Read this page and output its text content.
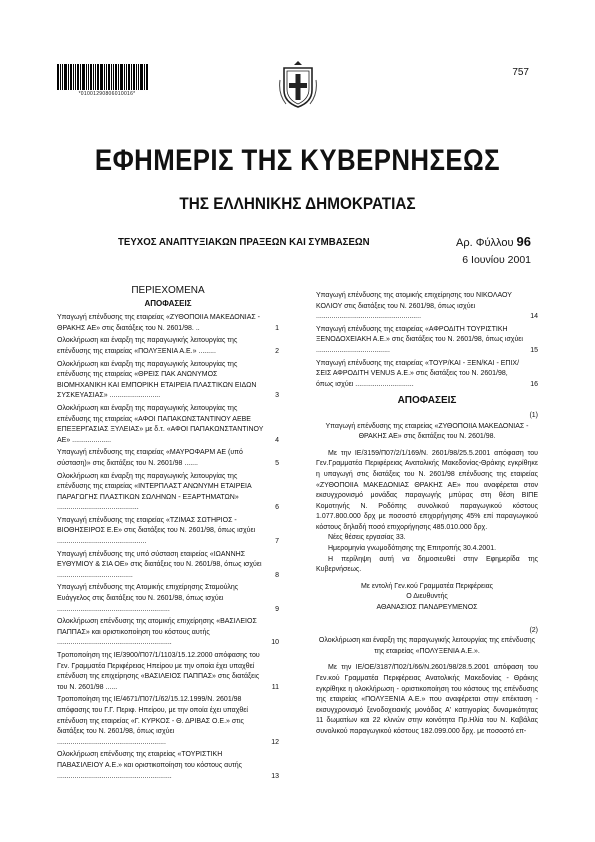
*01001290806010016*
757
ΕΦΗΜΕΡΙΣ ΤΗΣ ΚΥΒΕΡΝΗΣΕΩΣ
ΤΗΣ ΕΛΛΗΝΙΚΗΣ ΔΗΜΟΚΡΑΤΙΑΣ
ΤΕΥΧΟΣ ΑΝΑΠΤΥΞΙΑΚΩΝ ΠΡΑΞΕΩΝ ΚΑΙ ΣΥΜΒΑΣΕΩΝ	Αρ. Φύλλου 96
6 Ιουνίου 2001
ΠΕΡΙΕΧΟΜΕΝΑ
ΑΠΟΦΑΣΕΙΣ
Υπαγωγή επένδυσης της εταιρείας «ΖΥΘΟΠΟΙΙΑ ΜΑΚΕΔΟΝΙΑΣ - ΘΡΑΚΗΣ ΑΕ» στις διατάξεις του Ν. 2601/98. ..	1
Ολοκλήρωση και έναρξη της παραγωγικής λειτουργίας της επένδυσης της εταιρείας «ΠΟΛΥΞΕΝΙΑ Α.Ε.» .........	2
Ολοκλήρωση και έναρξη της παραγωγικής λειτουργίας της επένδυσης της εταιρείας «ΘΡΕΙΣ ΠΑΚ ΑΝΩΝΥΜΟΣ ΒΙΟΜΗΧΑΝΙΚΗ ΚΑΙ ΕΜΠΟΡΙΚΗ ΕΤΑΙΡΕΙΑ ΠΛΑΣΤΙΚΩΝ ΕΙΔΩΝ ΣΥΣΚΕΥΑΣΙΑΣ» ..........................	3
Ολοκλήρωση και έναρξη της παραγωγικής λειτουργίας της επένδυσης της εταιρείας «ΑΦΟΙ ΠΑΠΑΚΩΝΣΤΑΝΤΙΝΟΥ ΑΕΒΕ ΕΠΕΞΕΡΓΑΣΙΑΣ ΞΥΛΕΙΑΣ» με δ.τ. «ΑΦΟΙ ΠΑΠΑΚΩΝΣΤΑΝΤΙΝΟΥ ΑΕ» ....................	4
Υπαγωγή επένδυσης της εταιρείας «ΜΑΥΡΟΦΑΡΜ ΑΕ (υπό σύσταση)» στις διατάξεις του Ν. 2601/98 .......	5
Ολοκλήρωση και έναρξη της παραγωγικής λειτουργίας της επένδυσης της εταιρείας «ΙΝΤΕΡΠΛΑΣΤ ΑΝΩΝΥΜΗ ΕΤΑΙΡΕΙΑ ΠΑΡΑΓΩΓΗΣ ΠΛΑΣΤΙΚΩΝ ΣΩΛΗΝΩΝ - ΕΞΑΡΤΗΜΑΤΩΝ» ..........................................	6
Υπαγωγή επένδυσης της εταιρείας «ΤΖΙΜΑΣ ΣΩΤΗΡΙΟΣ - ΒΙΟΘΗΣΕΙΡΟΣ Ε.Ε» στις διατάξεις του Ν. 2601/98, όπως ισχύει ..............................................	7
Υπαγωγή επένδυσης της υπό σύσταση εταιρείας «ΙΩΑΝΝΗΣ ΕΥΘΥΜΙΟΥ & ΣΙΑ ΟΕ» στις διατάξεις του Ν. 2601/98, όπως ισχύει .......................................	8
Υπαγωγή επένδυσης της Ατομικής επιχείρησης Σταμούλης Ευάγγελος στις διατάξεις του Ν. 2601/98, όπως ισχύει ..........................................................	9
Ολοκλήρωση επένδυσης της ατομικής επιχείρησης «ΒΑΣΙΛΕΙΟΣ ΠΑΠΠΑΣ» και οριστικοποίηση του κόστους αυτής ...........................................................	10
Τροποποίηση της ΙΕ/3900/Π07/1/1103/15.12.2000 απόφασης του Γεν. Γραμματέα Περιφέρειας Ηπείρου με την οποία έχει υπαχθεί επένδυση της επιχείρησης «ΒΑΣΙΛΕΙΟΣ ΠΑΠΠΑΣ» στις διατάξεις του Ν. 2601/98 ......	11
Τροποποίηση της ΙΕ/4671/Π07/1/62/15.12.1999/Ν. 2601/98 απόφασης του Γ.Γ. Περιφ. Ηπείρου, με την οποία έχει υπαχθεί επένδυση της εταιρείας «Γ. ΚΥΡΚΟΣ - Θ. ΔΡΙΒΑΣ Ο.Ε.» στις διατάξεις του Ν. 2601/98, όπως ισχύει ........................................................	12
Ολοκλήρωση επένδυσης της εταιρείας «ΤΟΥΡΙΣΤΙΚΗ ΠΑΒΑΣΙΛΕΙΟΥ Α.Ε.» και οριστικοποίηση του κόστους αυτής ...........................................................	13
Υπαγωγή επένδυσης της ατομικής επιχείρησης του ΝΙΚΟΛΑΟΥ ΚΟΛΙΟΥ στις διατάξεις του Ν. 2601/98, όπως ισχύει ......................................................	14
Υπαγωγή επένδυσης της εταιρείας «ΑΦΡΟΔΙΤΗ ΤΟΥΡΙΣΤΙΚΗ ΞΕΝΟΔΟΧΕΙΑΚΗ Α.Ε.» στις διατάξεις του Ν. 2601/98, όπως ισχύει ......................................	15
Υπαγωγή επένδυσης της εταιρείας «ΤΟΥΡ/ΚΑΙ - ΞΕΝ/ΚΑΙ - ΕΠΙΧ/ΣΕΙΣ ΑΦΡΟΔΙΤΗ VENUS Α.Ε.» στις διατάξεις του Ν. 2601/98, όπως ισχύει ..............................	16
ΑΠΟΦΑΣΕΙΣ
(1)
Υπαγωγή επένδυσης της εταιρείας «ΖΥΘΟΠΟΙΙΑ ΜΑΚΕΔΟΝΙΑΣ - ΘΡΑΚΗΣ ΑΕ» στις διατάξεις του Ν. 2601/98.
Με την ΙΕ/3159/Π07/2/1/169/Ν. 2601/98/25.5.2001 απόφαση του Γεν.Γραμματέα Περιφέρειας Ανατολικής Μακεδονίας-Θράκης εγκρίθηκε η υπαγωγή στις διατάξεις του Ν. 2601/98 επένδυσης της εταιρείας «ΖΥΘΟΠΟΙΙΑ ΜΑΚΕΔΟΝΙΑΣ ΘΡΑΚΗΣ ΑΕ» που αναφέρεται στον εκσυγχρονισμό μονάδας παραγωγής μπύρας στη θέση ΒΙΠΕ Κομοτηνής Ν. Ροδόπης συνολικού παραγωγικού κόστους 1.077.800.000 δρχ με ποσοστό επιχορήγησης 45% επί παραγωγικού κόστους δηλαδή ποσό επιχορήγησης 485.010.000 δρχ.
Νέες θέσεις εργασίας 33.
Ημερομηνία γνωμοδότησης της Επιτροπής 30.4.2001.
Η περίληψη αυτή να δημοσιευθεί στην Εφημερίδα της Κυβερνήσεως.
Με εντολή Γεν.κού Γραμματέα Περιφέρειας
Ο Διευθυντής
ΑΘΑΝΑΣΙΟΣ ΠΑΝΔΡΕΥΜΕΝΟΣ
(2)
Ολοκλήρωση και έναρξη της παραγωγικής λειτουργίας της επένδυσης της εταιρείας «ΠΟΛΥΞΕΝΙΑ Α.Ε.».
Με την ΙΕ/ΟΕ/3187/Π02/1/66/Ν.2601/98/28.5.2001 απόφαση του Γεν.κού Γραμματέα Περιφέρειας Ανατολικής Μακεδονίας - Θράκης εγκρίθηκε η ολοκλήρωση - οριστικοποίηση του κόστους της επένδυσης της εταιρείας «ΠΟΛΥΞΕΝΙΑ Α.Ε.» που αναφέρεται στην επέκταση - εκσυγχρονισμό ξενοδοχειακής μονάδας Α' κατηγορίας δυναμικότητας 11 δωματίων και 22 κλινών στην κοινότητα Πρ.Ηλία του Ν. Καβάλας συνολικού παραγωγικού κόστους 182.099.000 δρχ. με ποσοστό επ-
